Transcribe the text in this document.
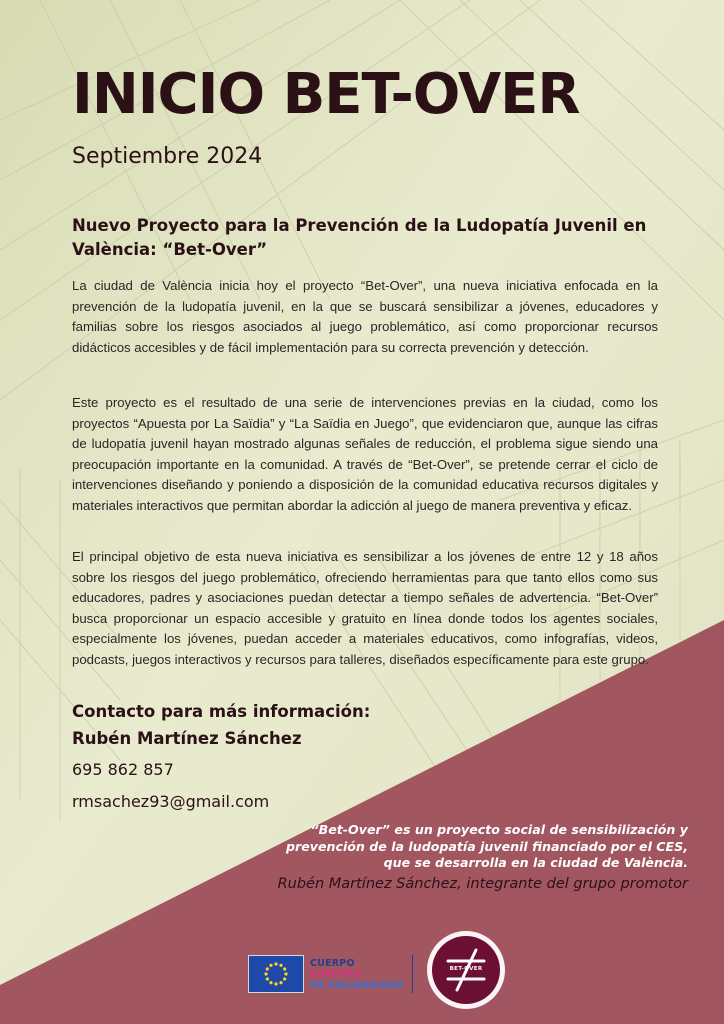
INICIO BET-OVER

Septiembre 2024

Nuevo Proyecto para la Prevención de la Ludopatía Juvenil en València: “Bet-Over”

La ciudad de València inicia hoy el proyecto “Bet-Over”, una nueva iniciativa enfocada en la prevención de la ludopatía juvenil, en la que se buscará sensibilizar a jóvenes, educadores y familias sobre los riesgos asociados al juego problemático, así como proporcionar recursos didácticos accesibles y de fácil implementación para su correcta prevención y detección.

Este proyecto es el resultado de una serie de intervenciones previas en la ciudad, como los proyectos “Apuesta por La Saïdia” y “La Saïdia en Juego”, que evidenciaron que, aunque las cifras de ludopatía juvenil hayan mostrado algunas señales de reducción, el problema sigue siendo una preocupación importante en la comunidad. A través de “Bet-Over”, se pretende cerrar el ciclo de intervenciones diseñando y poniendo a disposición de la comunidad educativa recursos digitales y materiales interactivos que permitan abordar la adicción al juego de manera preventiva y eficaz.

El principal objetivo de esta nueva iniciativa es sensibilizar a los jóvenes de entre 12 y 18 años sobre los riesgos del juego problemático, ofreciendo herramientas para que tanto ellos como sus educadores, padres y asociaciones puedan detectar a tiempo señales de advertencia. “Bet-Over” busca proporcionar un espacio accesible y gratuito en línea donde todos los agentes sociales, especialmente los jóvenes, puedan acceder a materiales educativos, como infografías, videos, podcasts, juegos interactivos y recursos para talleres, diseñados específicamente para este grupo.

Contacto para más información:

Rubén Martínez Sánchez

695 862 857

rmsachez93@gmail.com

“Bet-Over” es un proyecto social de sensibilización y
prevención de la ludopatía juvenil financiado por el CES,
que se desarrolla en la ciudad de València.

Rubén Martínez Sánchez, integrante del grupo promotor

CUERPO
EUROPEO
DE SOLIDARIDAD
BET-OVER
